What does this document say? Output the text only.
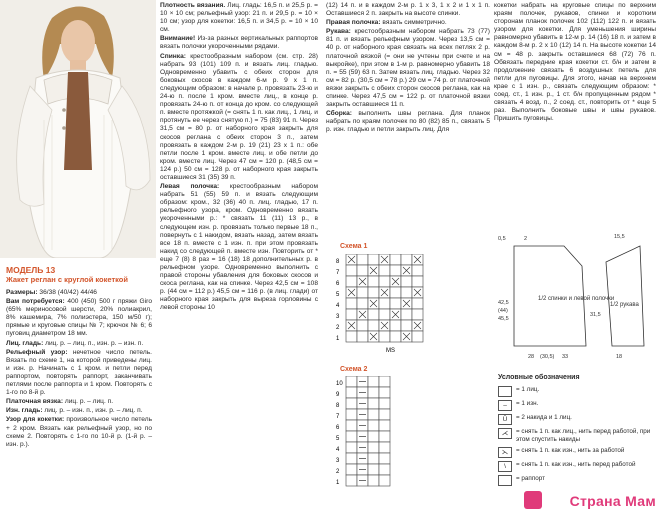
МОДЕЛЬ 13
Жакет реглан с круглой кокеткой

Размеры: 36/38 (40/42) 44/46

Вам потребуется: 400 (450) 500 г пряжи Giro (65% мериносовой шерсти, 20% полиакрил, 8% кашемира, 7% полиэстера, 150 м/50 г); прямые и круговые спицы № 7; крючок № 6; 6 пуговиц диаметром 18 мм.

Лиц. гладь: лиц. р. – лиц. п., изн. р. – изн. п.

Рельефный узор: нечетное число петель. Вязать по схеме 1, на которой приведены лиц. и изн. р. Начинать с 1 кром. и петли перед раппортом, повторять раппорт, заканчивать петлями после раппорта и 1 кром. Повторять с 1-го по 8-й р.

Платочная вязка: лиц. р. – лиц. п.

Изн. гладь: лиц. р. – изн. п., изн. р. – лиц. п.

Узор для кокетки: произвольное число петель + 2 кром. Вязать как рельефный узор, но по схеме 2. Повторять с 1-го по 10-й р. (1-й р. – изн. р.).

Плотность вязания. Лиц. гладь: 16,5 п. и 25,5 р. = 10 × 10 см; рельефный узор: 21 п. и 29,5 р. = 10 × 10 см; узор для кокетки: 16,5 п. и 34,5 р. = 10 × 10 см.

Внимание! Из-за разных вертикальных раппортов вязать полочки укороченными рядами.

Спинка: крестообразным набором (см. стр. 28) набрать 93 (101) 109 п. и вязать лиц. гладью. Одновременно убавить с обеих сторон для боковых скосов в каждом 6-м р. 9 x 1 п. следующим образом: в начале р. провязать 23-ю и 24-ю п. после 1 кром. вместе лиц., в конце р. провязать 24-ю п. от конца до кром. со следующей п. вместе протяжкой (= снять 1 п. как лиц., 1 лиц. и протянуть ее через снятую п.) = 75 (83) 91 п. Через 31,5 см = 80 р. от наборного края закрыть для скосов реглана с обеих сторон 3 п., затем провязать в каждом 2-м р. 19 (21) 23 x 1 п.: обе петли после 1 кром. вместе лиц. и обе петли до кром. вместе лиц. Через 47 см = 120 р. (48,5 см = 124 р.) 50 см = 128 р. от наборного края закрыть оставшиеся 31 (35) 39 п.

Левая полочка: крестообразным набором набрать 51 (55) 59 п. и вязать следующим образом: кром., 32 (36) 40 п. лиц. гладью, 17 п. рельефного узора, кром. Одновременно вязать укороченными р.: * связать 11 (11) 13 р., в следующем изн. р. провязать только первые 18 п., повернуть с 1 накидом, вязать назад, затем вязать все 18 п. вместе с 1 изн. п. при этом провязать накид со следующей п. вместе изн. Повторить от * еще 7 (8) 8 раз = 16 (18) 18 дополнительных р. в рельефном узоре. Одновременно выполнить с правой стороны убавления для боковых скосов и скоса реглана, как на спинке. Через 42,5 см = 108 р. (44 см = 112 р.) 45,5 см = 116 р. (в лиц. глади) от наборного края закрыть для выреза горловины с левой стороны 10

(12) 14 п. и в каждом 2-м р. 1 x 3, 1 x 2 и 1 x 1 п. Оставшиеся 2 п. закрыть на высоте спинки.

Правая полочка: вязать симметрично.

Рукава: крестообразным набором набрать 73 (77) 81 п. и вязать рельефным узором. Через 13,5 см = 40 р. от наборного края связать на всех петлях 2 р. платочной вязкой (= они не учтены при счете и на выкройке), при этом в 1-м р. равномерно убавить 18 п. = 55 (59) 63 п. Затем вязать лиц. гладью. Через 32 см = 82 р. (30,5 см = 78 р.) 29 см = 74 р. от платочной вязки закрыть с обеих сторон скосов реглана, как на спинке. Через 47,5 см = 122 р. от платочной вязки закрыть оставшиеся 11 п.

Сборка: выполнить швы реглана. Для планок набрать по краям полочек по 80 (82) 85 п., связать 5 р. изн. гладью и петли закрыть лиц. Для

кокетки набрать на круговые спицы по верхним краям полочек, рукавов, спинки и коротким сторонам планок полочек 102 (112) 122 п. и вязать узором для кокетки. Для уменьшения ширины равномерно убавить в 12-м р. 14 (16) 18 п. и затем в каждом 8-м р. 2 x 10 (12) 14 п. На высоте кокетки 14 см = 48 р. закрыть оставшиеся 68 (72) 76 п. Обвязать передние края кокетки ст. б/н и затем в продолжение связать 6 воздушных петель для петли для пуговицы. Для этого, начав на верхнем крае с 1 изн. р., связать следующим образом: * соед. ст., 1 изн. р., 1 ст. б/н пропущенным рядом * связать 4 возд. п., 2 соед. ст., повторить от * еще 5 раз. Выполнить боковые швы и швы рукавов. Пришить пуговицы.

Схема 1
8
7
6
5
4
3
2
1
MS
Схема 2
10
9
8
7
6
5
4
3
2
1
1/2 спинки и левой полочки
1/2 рукава
0,5	2
42,5
(44)
45,5
31,5
28 (30,5) 33
15,5
18
Условные обозначения
= 1 лиц.
–	= 1 изн.
Ū	= 2 накида и 1 лиц.
⋌	= снять 1 п. как лиц., нить перед работой, при этом спустить накиды
⋋	= снять 1 п. как изн., нить за работой
\	= снять 1 п. как изн., нить перед работой
= раппорт
Страна Мам
